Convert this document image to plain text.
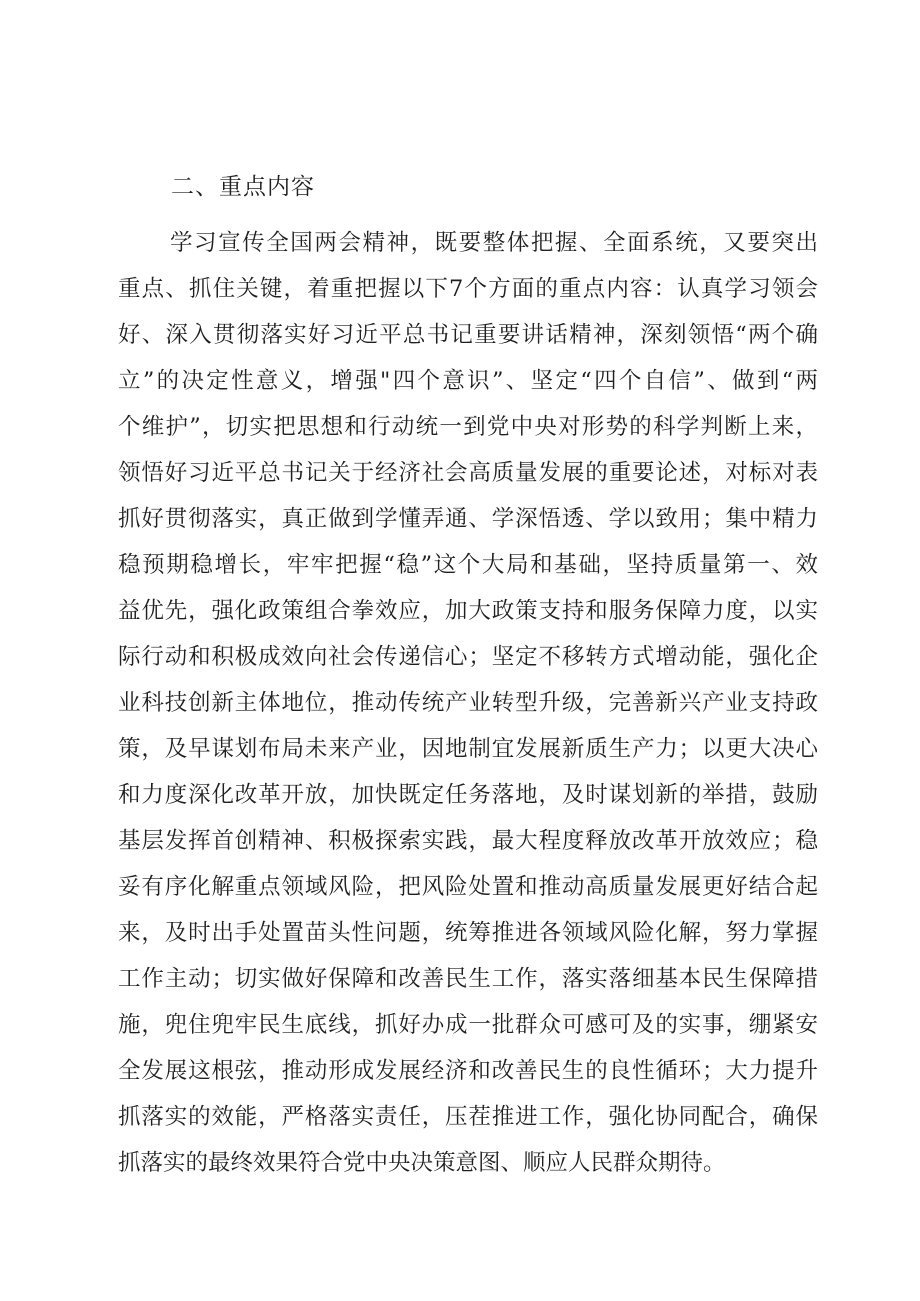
二、重点内容
学习宣传全国两会精神，既要整体把握、全面系统，又要突出
重点、抓住关键，着重把握以下7个方面的重点内容：认真学习领会
好、深入贯彻落实好习近平总书记重要讲话精神，深刻领悟“两个确
立”的决定性意义，增强"四个意识”、坚定“四个自信”、做到“两
个维护”，切实把思想和行动统一到党中央对形势的科学判断上来，
领悟好习近平总书记关于经济社会高质量发展的重要论述，对标对表
抓好贯彻落实，真正做到学懂弄通、学深悟透、学以致用；集中精力
稳预期稳增长，牢牢把握“稳”这个大局和基础，坚持质量第一、效
益优先，强化政策组合拳效应，加大政策支持和服务保障力度，以实
际行动和积极成效向社会传递信心；坚定不移转方式增动能，强化企
业科技创新主体地位，推动传统产业转型升级，完善新兴产业支持政
策，及早谋划布局未来产业，因地制宜发展新质生产力；以更大决心
和力度深化改革开放，加快既定任务落地，及时谋划新的举措，鼓励
基层发挥首创精神、积极探索实践，最大程度释放改革开放效应；稳
妥有序化解重点领域风险，把风险处置和推动高质量发展更好结合起
来，及时出手处置苗头性问题，统筹推进各领域风险化解，努力掌握
工作主动；切实做好保障和改善民生工作，落实落细基本民生保障措
施，兜住兜牢民生底线，抓好办成一批群众可感可及的实事，绷紧安
全发展这根弦，推动形成发展经济和改善民生的良性循环；大力提升
抓落实的效能，严格落实责任，压茬推进工作，强化协同配合，确保
抓落实的最终效果符合党中央决策意图、顺应人民群众期待。
